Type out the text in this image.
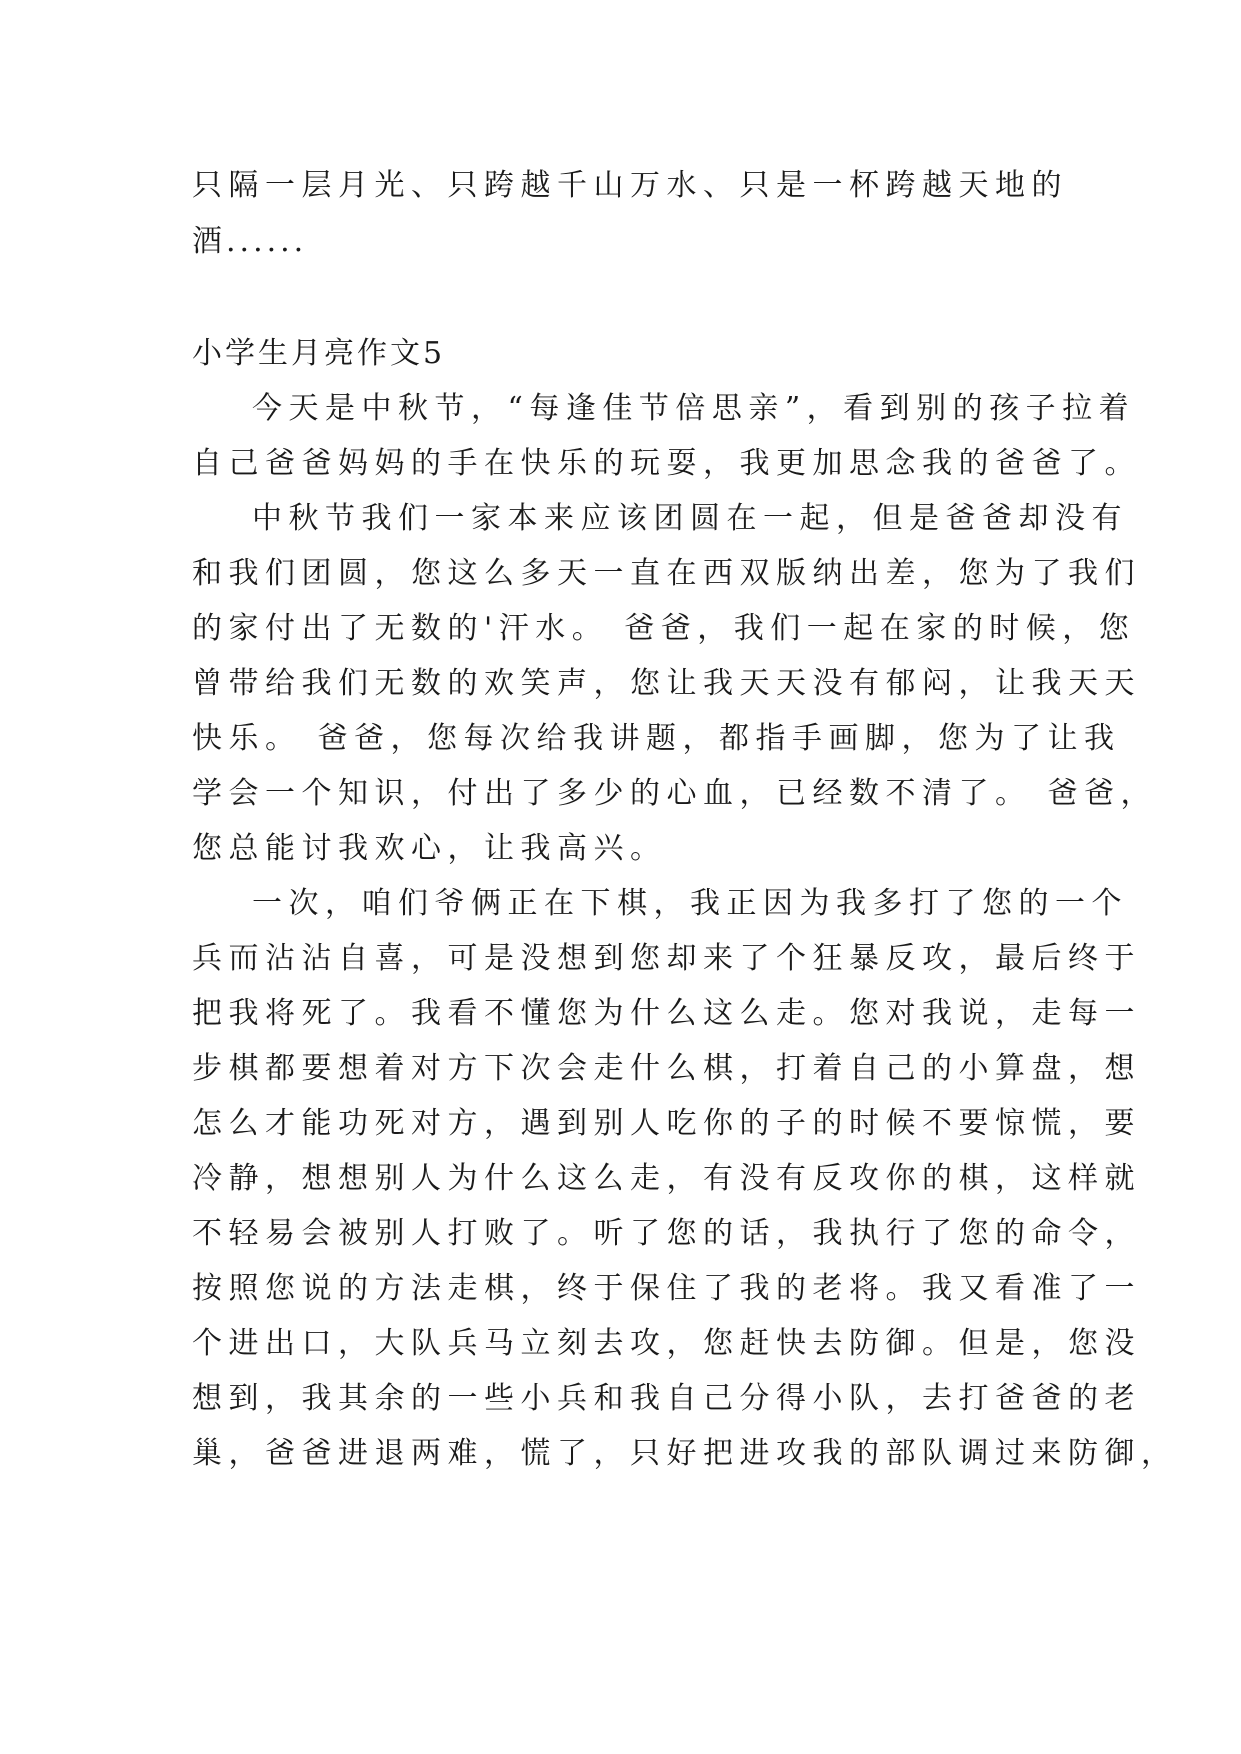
只隔一层月光、只跨越千山万水、只是一杯跨越天地的
酒......
小学生月亮作文5
今天是中秋节，“每逢佳节倍思亲”，看到别的孩子拉着
自己爸爸妈妈的手在快乐的玩耍，我更加思念我的爸爸了。
中秋节我们一家本来应该团圆在一起，但是爸爸却没有
和我们团圆，您这么多天一直在西双版纳出差，您为了我们
的家付出了无数的'汗水。 爸爸，我们一起在家的时候，您
曾带给我们无数的欢笑声，您让我天天没有郁闷，让我天天
快乐。 爸爸，您每次给我讲题，都指手画脚，您为了让我
学会一个知识，付出了多少的心血，已经数不清了。 爸爸，
您总能讨我欢心，让我高兴。
一次，咱们爷俩正在下棋，我正因为我多打了您的一个
兵而沾沾自喜，可是没想到您却来了个狂暴反攻，最后终于
把我将死了。我看不懂您为什么这么走。您对我说，走每一
步棋都要想着对方下次会走什么棋，打着自己的小算盘，想
怎么才能功死对方，遇到别人吃你的子的时候不要惊慌，要
冷静，想想别人为什么这么走，有没有反攻你的棋，这样就
不轻易会被别人打败了。听了您的话，我执行了您的命令，
按照您说的方法走棋，终于保住了我的老将。我又看准了一
个进出口，大队兵马立刻去攻，您赶快去防御。但是，您没
想到，我其余的一些小兵和我自己分得小队，去打爸爸的老
巢，爸爸进退两难，慌了，只好把进攻我的部队调过来防御，
